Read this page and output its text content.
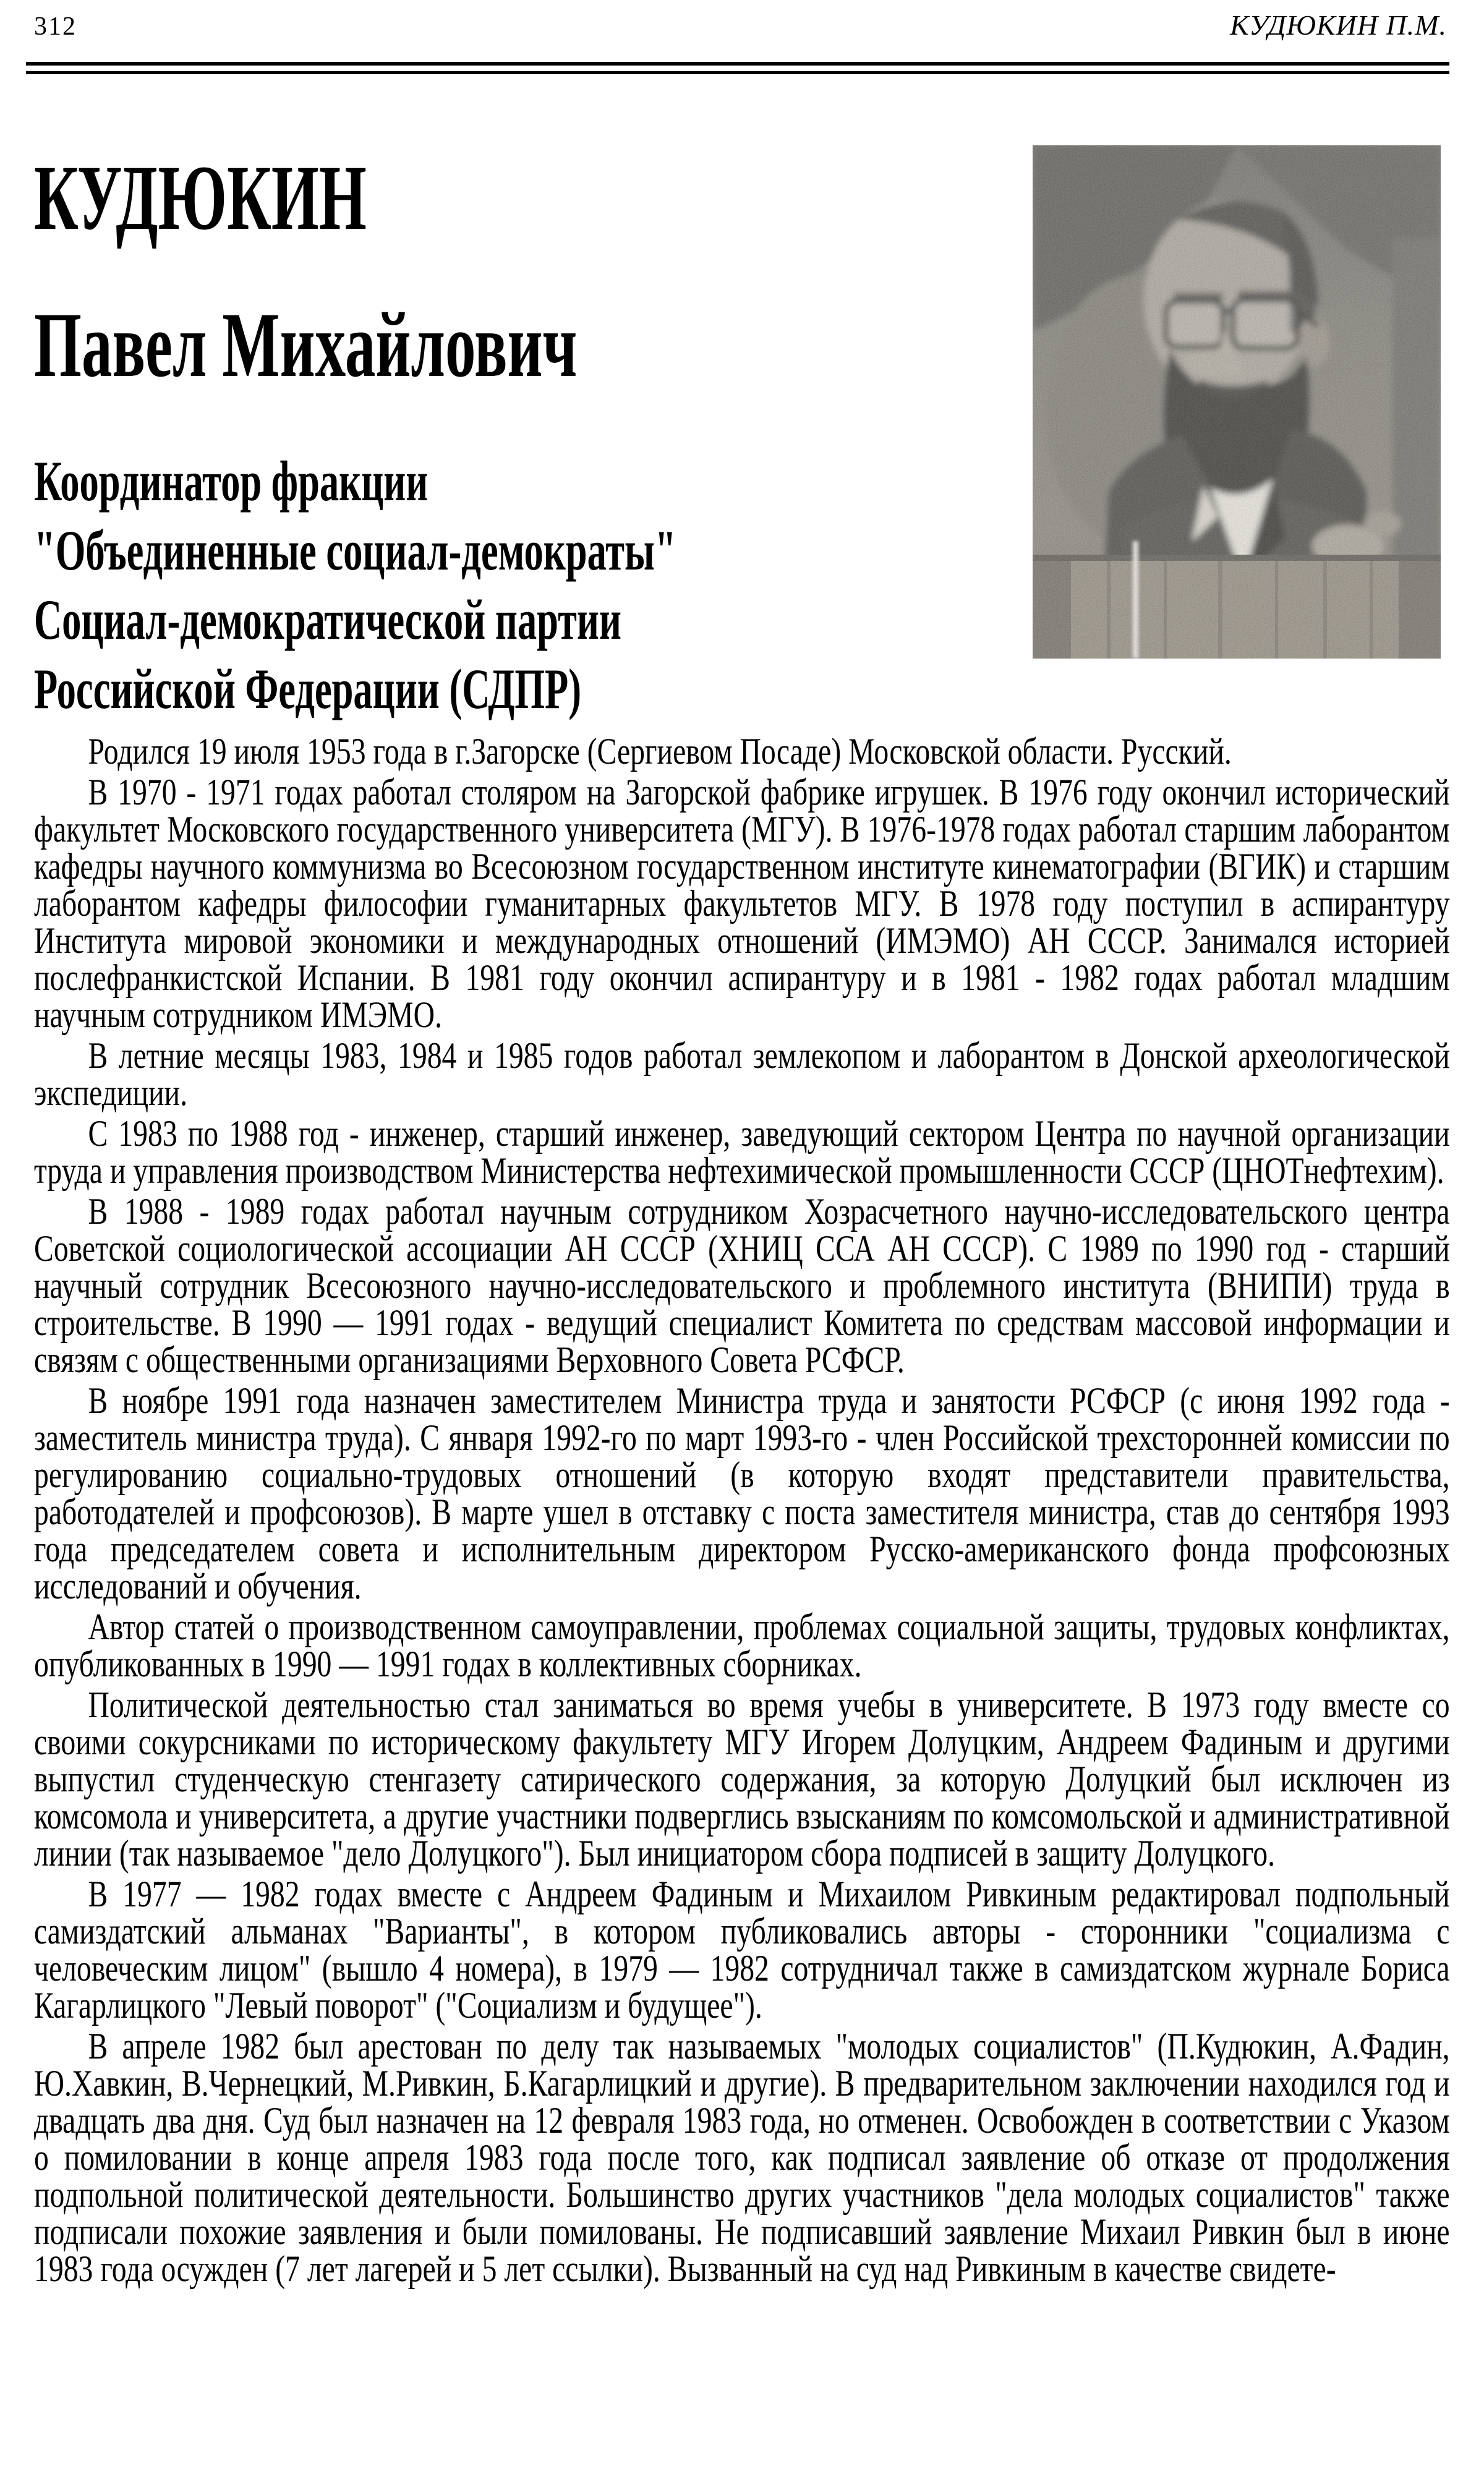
312	КУДЮКИН П.М.
КУДЮКИН
Павел Михайлович
Координатор фракции
"Объединенные социал-демократы"
Социал-демократической партии
Российской Федерации (СДПР)

Родился 19 июля 1953 года в г.Загорске (Сергиевом Посаде) Московской области. Русский.

В 1970 - 1971 годах работал столяром на Загорской фабрике игрушек. В 1976 году окончил исторический факультет Московского государственного университета (МГУ). В 1976-1978 годах работал старшим лаборантом кафедры научного коммунизма во Всесоюзном государственном институте кинематографии (ВГИК) и старшим лаборантом кафедры философии гуманитарных факультетов МГУ. В 1978 году поступил в аспирантуру Института мировой экономики и международных отношений (ИМЭМО) АН СССР. Занимался историей послефранкистской Испании. В 1981 году окончил аспирантуру и в 1981 - 1982 годах работал младшим научным сотрудником ИМЭМО.

В летние месяцы 1983, 1984 и 1985 годов работал землекопом и лаборантом в Донской археологической экспедиции.

С 1983 по 1988 год - инженер, старший инженер, заведующий сектором Центра по научной организации труда и управления производством Министерства нефтехимической промышленности СССР (ЦНОТнефтехим).

В 1988 - 1989 годах работал научным сотрудником Хозрасчетного научно-исследовательского центра Советской социологической ассоциации АН СССР (ХНИЦ ССА АН СССР). С 1989 по 1990 год - старший научный сотрудник Всесоюзного научно-исследовательского и проблемного института (ВНИПИ) труда в строительстве. В 1990 — 1991 годах - ведущий специалист Комитета по средствам массовой информации и связям с общественными организациями Верховного Совета РСФСР.

В ноябре 1991 года назначен заместителем Министра труда и занятости РСФСР (с июня 1992 года - заместитель министра труда). С января 1992-го по март 1993-го - член Российской трехсторонней комиссии по регулированию социально-трудовых отношений (в которую входят представители правительства, работодателей и профсоюзов). В марте ушел в отставку с поста заместителя министра, став до сентября 1993 года председателем совета и исполнительным директором Русско-американского фонда профсоюзных исследований и обучения.

Автор статей о производственном самоуправлении, проблемах социальной защиты, трудовых конфликтах, опубликованных в 1990 — 1991 годах в коллективных сборниках.

Политической деятельностью стал заниматься во время учебы в университете. В 1973 году вместе со своими сокурсниками по историческому факультету МГУ Игорем Долуцким, Андреем Фадиным и другими выпустил студенческую стенгазету сатирического содержания, за которую Долуцкий был исключен из комсомола и университета, а другие участники подверглись взысканиям по комсомольской и административной линии (так называемое "дело Долуцкого"). Был инициатором сбора подписей в защиту Долуцкого.

В 1977 — 1982 годах вместе с Андреем Фадиным и Михаилом Ривкиным редактировал подпольный самиздатский альманах "Варианты", в котором публиковались авторы - сторонники "социализма с человеческим лицом" (вышло 4 номера), в 1979 — 1982 сотрудничал также в самиздатском журнале Бориса Кагарлицкого "Левый поворот" ("Социализм и будущее").

В апреле 1982 был арестован по делу так называемых "молодых социалистов" (П.Кудюкин, А.Фадин, Ю.Хавкин, В.Чернецкий, М.Ривкин, Б.Кагарлицкий и другие). В предварительном заключении находился год и двадцать два дня. Суд был назначен на 12 февраля 1983 года, но отменен. Освобожден в соответствии с Указом о помиловании в конце апреля 1983 года после того, как подписал заявление об отказе от продолжения подпольной политической деятельности. Большинство других участников "дела молодых социалистов" также подписали похожие заявления и были помилованы. Не подписавший заявление Михаил Ривкин был в июне 1983 года осужден (7 лет лагерей и 5 лет ссылки). Вызванный на суд над Ривкиным в качестве свидете-
